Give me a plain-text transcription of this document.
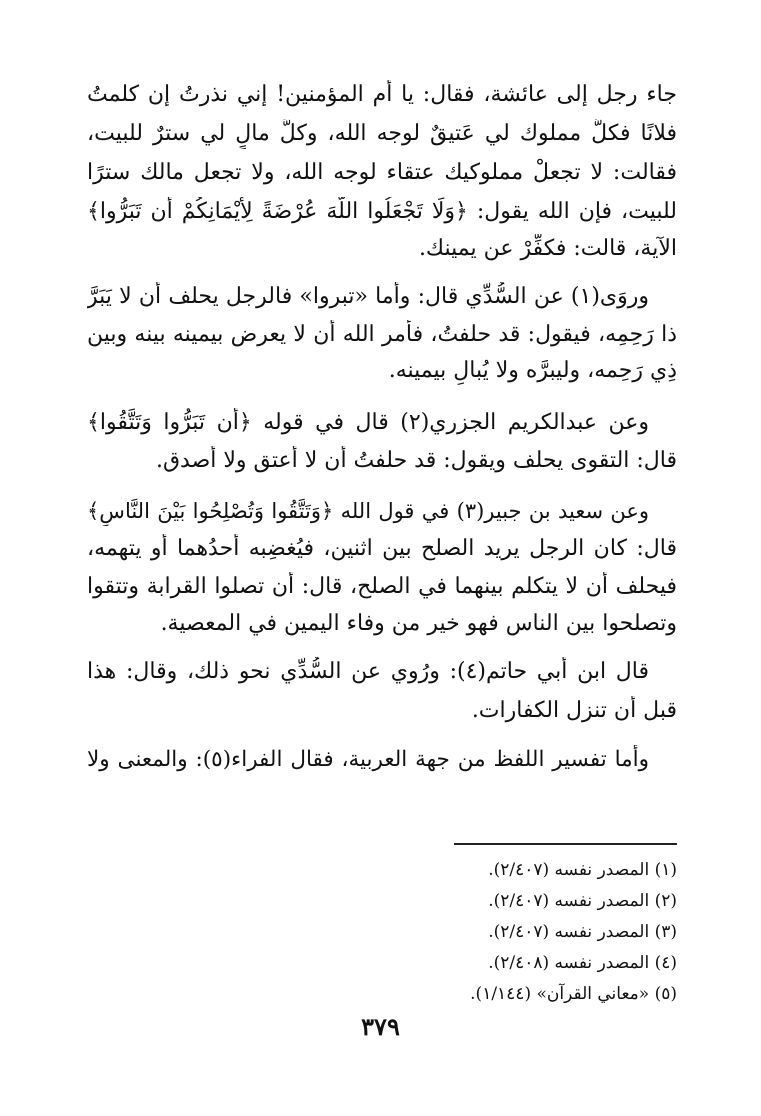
جاء رجل إلى عائشة، فقال: يا أم المؤمنين! إني نذرتُ إن كلمتُ
فلانًا فكلُّ مملوك لي عَتيقٌ لوجه الله، وكلُّ مالٍ لي سترٌ للبيت،
فقالت: لا تجعلْ مملوكيك عتقاء لوجه الله، ولا تجعل مالك سترًا
للبيت، فإن الله يقول: ﴿وَلَا تَجْعَلُوا اللَّهَ عُرْضَةً لِأَيْمَانِكُمْ أَن تَبَرُّوا﴾
الآية، قالت: فكفِّرْ عن يمينك.
وروَى(١) عن السُّدِّي قال: وأما «تبروا» فالرجل يحلف أن لا يَبَرَّ
ذا رَحِمِه، فيقول: قد حلفتُ، فأمر الله أن لا يعرض بيمينه بينه وبين
ذِي رَحِمه، وليبرَّه ولا يُبالِ بيمينه.
وعن عبدالكريم الجزري(٢) قال في قوله ﴿أَن تَبَرُّوا وَتَتَّقُوا﴾
قال: التقوى يحلف ويقول: قد حلفتُ أن لا أعتق ولا أصدق.
وعن سعيد بن جبير(٣) في قول الله ﴿وَتَتَّقُوا وَتُصْلِحُوا بَيْنَ النَّاسِ﴾
قال: كان الرجل يريد الصلح بين اثنين، فيُغضِبه أحدُهما أو يتهمه،
فيحلف أن لا يتكلم بينهما في الصلح، قال: أن تصلوا القرابة وتتقوا
وتصلحوا بين الناس فهو خير من وفاء اليمين في المعصية.
قال ابن أبي حاتم(٤): ورُوي عن السُّدِّي نحو ذلك، وقال: هذا
قبل أن تنزل الكفارات.
وأما تفسير اللفظ من جهة العربية، فقال الفراء(٥): والمعنى ولا
(١) المصدر نفسه (٢/٤٠٧).
(٢) المصدر نفسه (٢/٤٠٧).
(٣) المصدر نفسه (٢/٤٠٧).
(٤) المصدر نفسه (٢/٤٠٨).
(٥) «معاني القرآن» (١/١٤٤).
٣٧٩
